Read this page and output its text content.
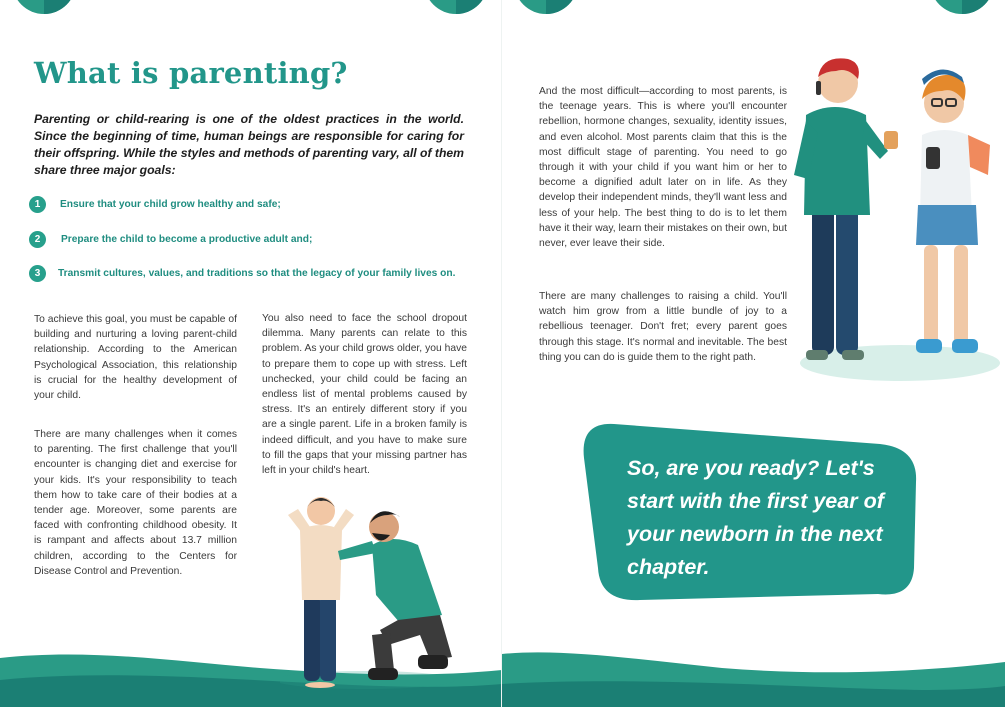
What is parenting?

Parenting or child-rearing is one of the oldest practices in the world. Since the beginning of time, human beings are responsible for caring for their offspring. While the styles and methods of parenting vary, all of them share three major goals:

1	Ensure that your child grow healthy and safe;
2	Prepare the child to become a productive adult and;
3	Transmit cultures, values, and traditions so that the legacy of your family lives on.

To achieve this goal, you must be capable of building and nurturing a loving parent-child relationship. According to the American Psychological Association, this relationship is crucial for the healthy development of your child.

There are many challenges when it comes to parenting. The first challenge that you'll encounter is changing diet and exercise for your kids. It's your responsibility to teach them how to take care of their bodies at a tender age. Moreover, some parents are faced with confronting childhood obesity. It is rampant and affects about 13.7 million children, according to the Centers for Disease Control and Prevention.

You also need to face the school dropout dilemma. Many parents can relate to this problem. As your child grows older, you have to prepare them to cope up with stress. Left unchecked, your child could be facing an endless list of mental problems caused by stress. It's an entirely different story if you are a single parent. Life in a broken family is indeed difficult, and you have to make sure to fill the gaps that your missing partner has left in your child's heart.

And the most difficult—according to most parents, is the teenage years. This is where you'll encounter rebellion, hormone changes, sexuality, identity issues, and even alcohol. Most parents claim that this is the most difficult stage of parenting. You need to go through it with your child if you want him or her to become a dignified adult later on in life. As they develop their independent minds, they'll want less and less of your help. The best thing to do is to let them have it their way, learn their mistakes on their own, but never, ever leave their side.

There are many challenges to raising a child. You'll watch him grow from a little bundle of joy to a rebellious teenager. Don't fret; every parent goes through this stage. It's normal and inevitable. The best thing you can do is guide them to the right path.

So, are you ready? Let's start with the first year of your newborn in the next chapter.
